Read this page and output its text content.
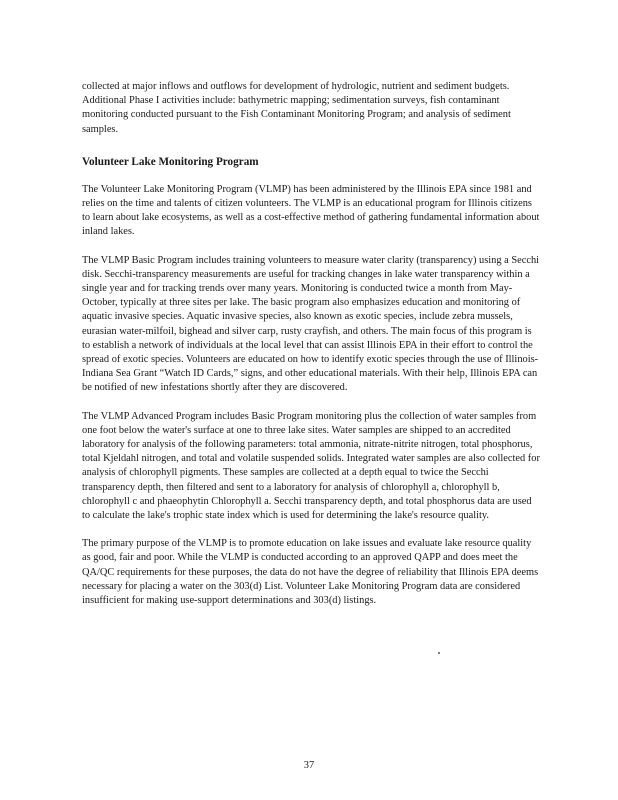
collected at major inflows and outflows for development of hydrologic, nutrient and sediment budgets. Additional Phase I activities include: bathymetric mapping; sedimentation surveys, fish contaminant monitoring conducted pursuant to the Fish Contaminant Monitoring Program; and analysis of sediment samples.

Volunteer Lake Monitoring Program

The Volunteer Lake Monitoring Program (VLMP) has been administered by the Illinois EPA since 1981 and relies on the time and talents of citizen volunteers. The VLMP is an educational program for Illinois citizens to learn about lake ecosystems, as well as a cost-effective method of gathering fundamental information about inland lakes.

The VLMP Basic Program includes training volunteers to measure water clarity (transparency) using a Secchi disk. Secchi-transparency measurements are useful for tracking changes in lake water transparency within a single year and for tracking trends over many years. Monitoring is conducted twice a month from May-October, typically at three sites per lake. The basic program also emphasizes education and monitoring of aquatic invasive species. Aquatic invasive species, also known as exotic species, include zebra mussels, eurasian water-milfoil, bighead and silver carp, rusty crayfish, and others. The main focus of this program is to establish a network of individuals at the local level that can assist Illinois EPA in their effort to control the spread of exotic species. Volunteers are educated on how to identify exotic species through the use of Illinois-Indiana Sea Grant “Watch ID Cards,” signs, and other educational materials. With their help, Illinois EPA can be notified of new infestations shortly after they are discovered.

The VLMP Advanced Program includes Basic Program monitoring plus the collection of water samples from one foot below the water's surface at one to three lake sites. Water samples are shipped to an accredited laboratory for analysis of the following parameters: total ammonia, nitrate-nitrite nitrogen, total phosphorus, total Kjeldahl nitrogen, and total and volatile suspended solids. Integrated water samples are also collected for analysis of chlorophyll pigments. These samples are collected at a depth equal to twice the Secchi transparency depth, then filtered and sent to a laboratory for analysis of chlorophyll a, chlorophyll b, chlorophyll c and phaeophytin Chlorophyll a. Secchi transparency depth, and total phosphorus data are used to calculate the lake's trophic state index which is used for determining the lake's resource quality.

The primary purpose of the VLMP is to promote education on lake issues and evaluate lake resource quality as good, fair and poor. While the VLMP is conducted according to an approved QAPP and does meet the QA/QC requirements for these purposes, the data do not have the degree of reliability that Illinois EPA deems necessary for placing a water on the 303(d) List. Volunteer Lake Monitoring Program data are considered insufficient for making use-support determinations and 303(d) listings.

37
